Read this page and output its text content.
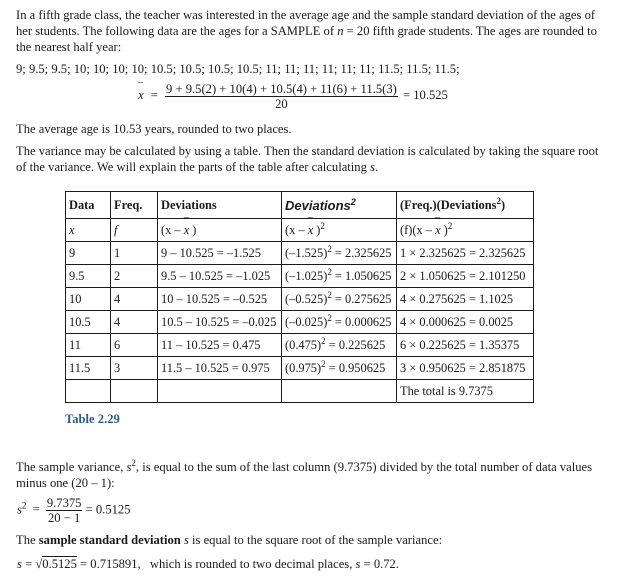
In a fifth grade class, the teacher was interested in the average age and the sample standard deviation of the ages of her students. The following data are the ages for a SAMPLE of n = 20 fifth grade students. The ages are rounded to the nearest half year:

9; 9.5; 9.5; 10; 10; 10; 10; 10.5; 10.5; 10.5; 10.5; 11; 11; 11; 11; 11; 11; 11.5; 11.5; 11.5;

– $x = \frac{9 + 9.5(2) + 10(4) + 10.5(4) + 11(6) + 11.5(3)}{20} = 10.525$

The average age is 10.53 years, rounded to two places.

The variance may be calculated by using a table. Then the standard deviation is calculated by taking the square root of the variance. We will explain the parts of the table after calculating s.

Data	Freq.	Deviations	Deviations$^2$	(Freq.)(Deviations$^2$)
x	f	(x – – x )	(x – – x )$^2$	(f)(x – – x )$^2$
9	1	9 – 10.525 = –1.525	$(-1.525)^2 = 2.325625$	1 × 2.325625 = 2.325625
9.5	2	9.5 – 10.525 = –1.025	$(-1.025)^2 = 1.050625$	2 × 1.050625 = 2.101250
10	4	10 – 10.525 = –0.525	$(-0.525)^2 = 0.275625$	4 × 0.275625 = 1.1025
10.5	4	10.5 – 10.525 = –0.025	$(-0.025)^2 = 0.000625$	4 × 0.000625 = 0.0025
11	6	11 – 10.525 = 0.475	$(0.475)^2 = 0.225625$	6 × 0.225625 = 1.35375
11.5	3	11.5 – 10.525 = 0.975	$(0.975)^2 = 0.950625$	3 × 0.950625 = 2.851875
				The total is 9.7375
Table 2.29

The sample variance, $s^2$, is equal to the sum of the last column (9.7375) divided by the total number of data values minus one (20 – 1):

$s^2 = \frac{9.7375}{20 - 1} = 0.5125$

The sample standard deviation s is equal to the square root of the sample variance:

s = √0.5125 = 0.715891, which is rounded to two decimal places, s = 0.72.
